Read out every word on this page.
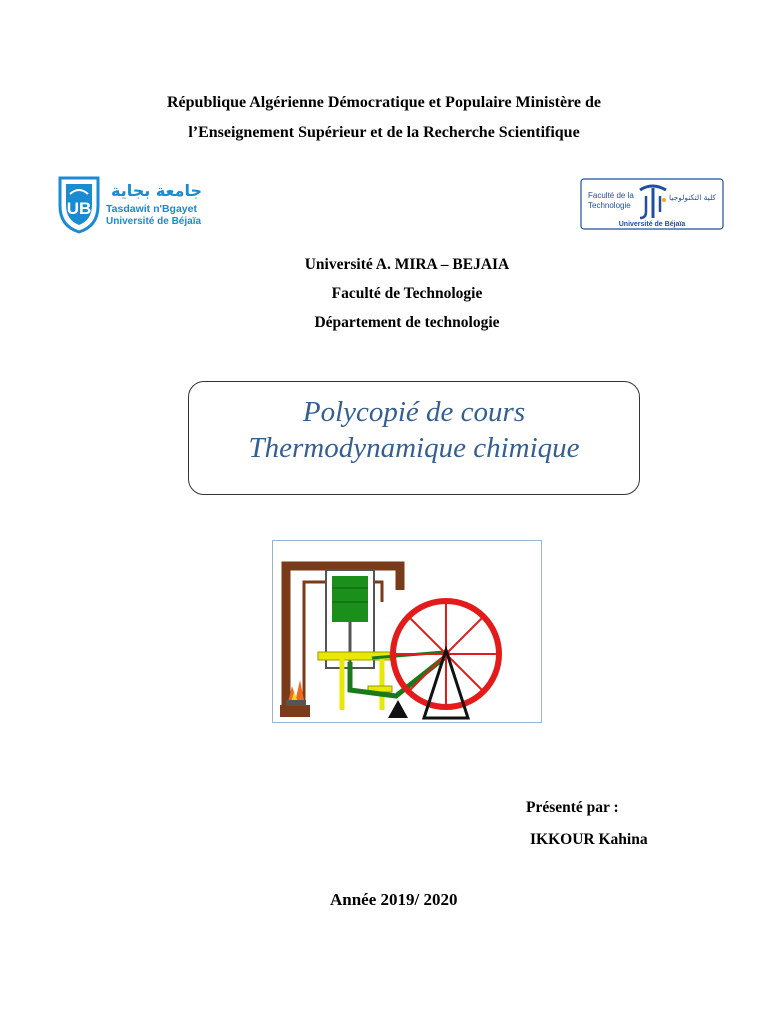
République Algérienne Démocratique et Populaire Ministère de
l’Enseignement Supérieur et de la Recherche Scientifique
UB
جامعة بجاية
Tasdawit n'Bgayet
Université de Béjaïa
Faculté de la
Technologie
كلية التكنولوجيا
Université de Béjaïa
Université A. MIRA – BEJAIA
Faculté de Technologie
Département de technologie
Polycopié de cours
Thermodynamique chimique
Présenté par :
IKKOUR Kahina
Année 2019/ 2020
